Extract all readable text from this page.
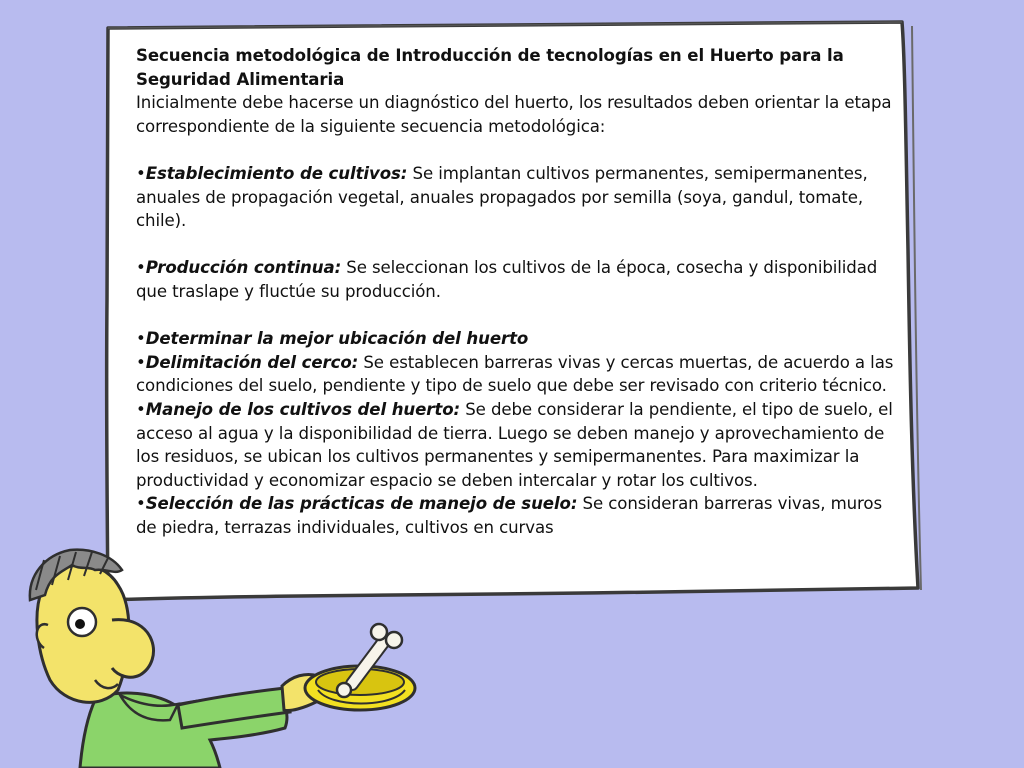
Secuencia metodológica de Introducción de tecnologías en el Huerto para la Seguridad Alimentaria

Inicialmente debe hacerse un diagnóstico del huerto, los resultados deben orientar la etapa correspondiente de la siguiente secuencia metodológica:

•Establecimiento de cultivos: Se implantan cultivos permanentes, semipermanentes, anuales de propagación vegetal, anuales propagados por semilla (soya, gandul, tomate, chile).

•Producción continua: Se seleccionan los cultivos de la época, cosecha y disponibilidad que traslape y fluctúe su producción.

•Determinar la mejor ubicación del huerto

•Delimitación del cerco: Se establecen barreras vivas y cercas muertas, de acuerdo a las condiciones del suelo, pendiente y tipo de suelo que debe ser revisado con criterio técnico.

•Manejo de los cultivos del huerto: Se debe considerar la pendiente, el tipo de suelo, el acceso al agua y la disponibilidad de tierra. Luego se deben manejo y aprovechamiento de los residuos, se ubican los cultivos permanentes y semipermanentes. Para maximizar la productividad y economizar espacio se deben intercalar y rotar los cultivos.

•Selección de las prácticas de manejo de suelo: Se consideran barreras vivas, muros de piedra, terrazas individuales, cultivos en curvas
